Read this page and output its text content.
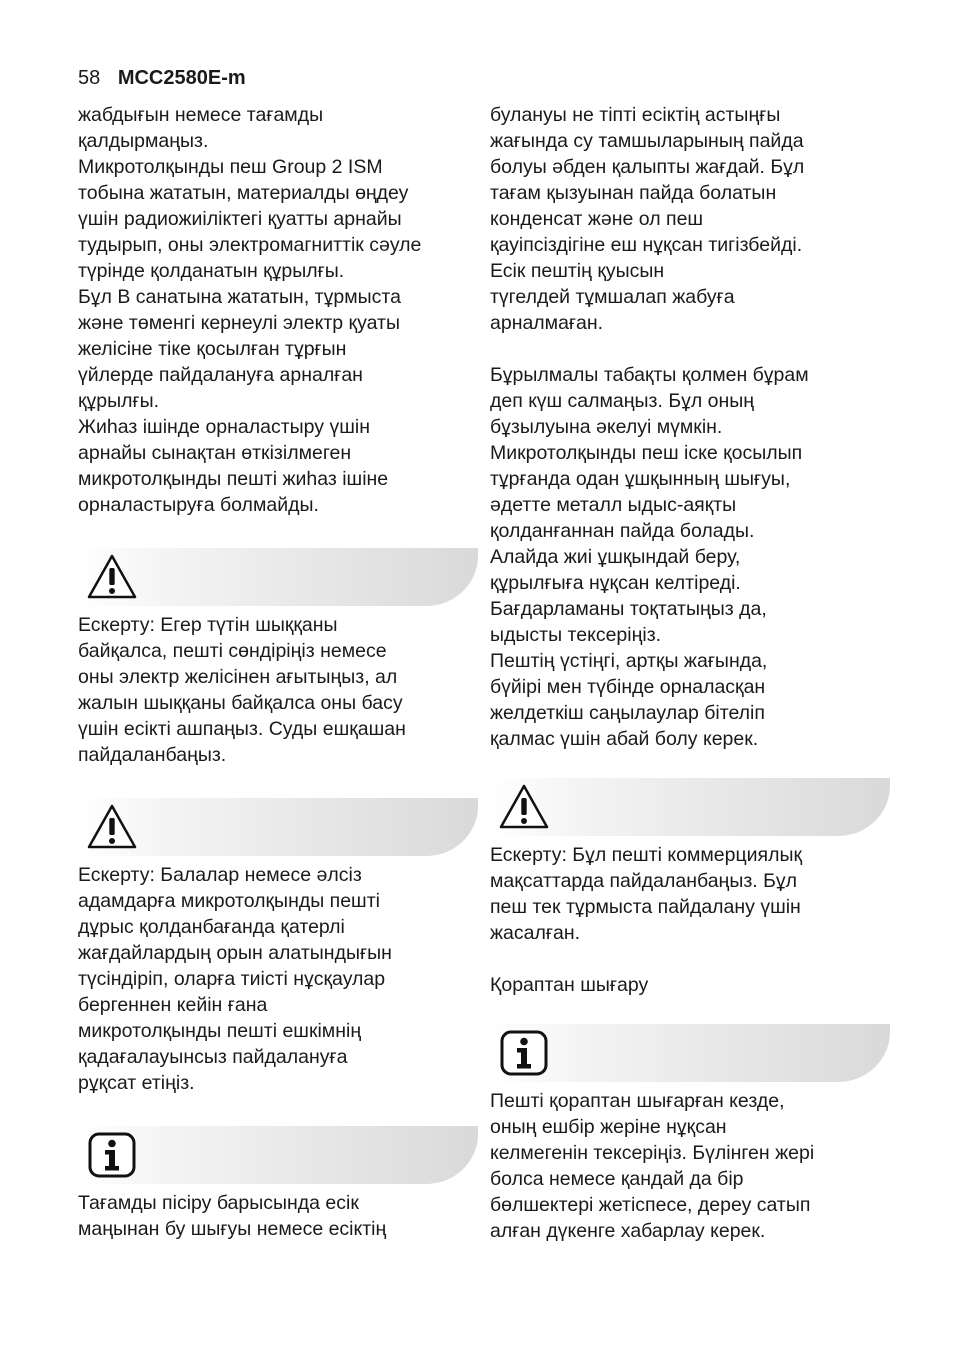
58 MCC2580E-m

жабдығын немесе тағамды
қалдырмаңыз.

Микротолқынды пеш Group 2 ISM
тобына жататын, материалды өңдеу
үшін радиожиіліктегі қуатты арнайы
тудырып, оны электромагниттік сәуле
түрінде қолданатын құрылғы.

Бұл B санатына жататын, тұрмыста
және төменгі кернеулі электр қуаты
желісіне тіке қосылған тұрғын
үйлерде пайдалануға арналған
құрылғы.

Жиһаз ішінде орналастыру үшін
арнайы сынақтан өткізілмеген
микротолқынды пешті жиһаз ішіне
орналастыруға болмайды.

Ескерту: Егер түтін шыққаны
байқалса, пешті сөндіріңіз немесе
оны электр желісінен ағытыңыз, ал
жалын шыққаны байқалса оны басу
үшін есікті ашпаңыз. Суды ешқашан
пайдаланбаңыз.

Ескерту: Балалар немесе әлсіз
адамдарға микротолқынды пешті
дұрыс қолданбағанда қатерлі
жағдайлардың орын алатындығын
түсіндіріп, оларға тиісті нұсқаулар
бергеннен кейін ғана
микротолқынды пешті ешкімнің
қадағалауынсыз пайдалануға
рұқсат етіңіз.

Тағамды пісіру барысында есік
маңынан бу шығуы немесе есіктің

булануы не тіпті есіктің астыңғы
жағында су тамшыларының пайда
болуы әбден қалыпты жағдай. Бұл
тағам қызуынан пайда болатын
конденсат және ол пеш
қауіпсіздігіне еш нұқсан тигізбейді.
Есік пештің қуысын
түгелдей тұмшалап жабуға
арналмаған.

Бұрылмалы табақты қолмен бұрам
деп күш салмаңыз. Бұл оның
бұзылуына әкелуі мүмкін.

Микротолқынды пеш іске қосылып
тұрғанда одан ұшқынның шығуы,
әдетте металл ыдыс-аяқты
қолданғаннан пайда болады.
Алайда жиі ұшқындай беру,
құрылғыға нұқсан келтіреді.
Бағдарламаны тоқтатыңыз да,
ыдысты тексеріңіз.

Пештің үстіңгі, артқы жағында,
бүйірі мен түбінде орналасқан
желдеткіш саңылаулар бітеліп
қалмас үшін абай болу керек.

Ескерту: Бұл пешті коммерциялық
мақсаттарда пайдаланбаңыз. Бұл
пеш тек тұрмыста пайдалану үшін
жасалған.

Қораптан шығару

Пешті қораптан шығарған кезде,
оның ешбір жеріне нұқсан
келмегенін тексеріңіз. Бүлінген жері
болса немесе қандай да бір
бөлшектері жетіспесе, дереу сатып
алған дүкенге хабарлау керек.
